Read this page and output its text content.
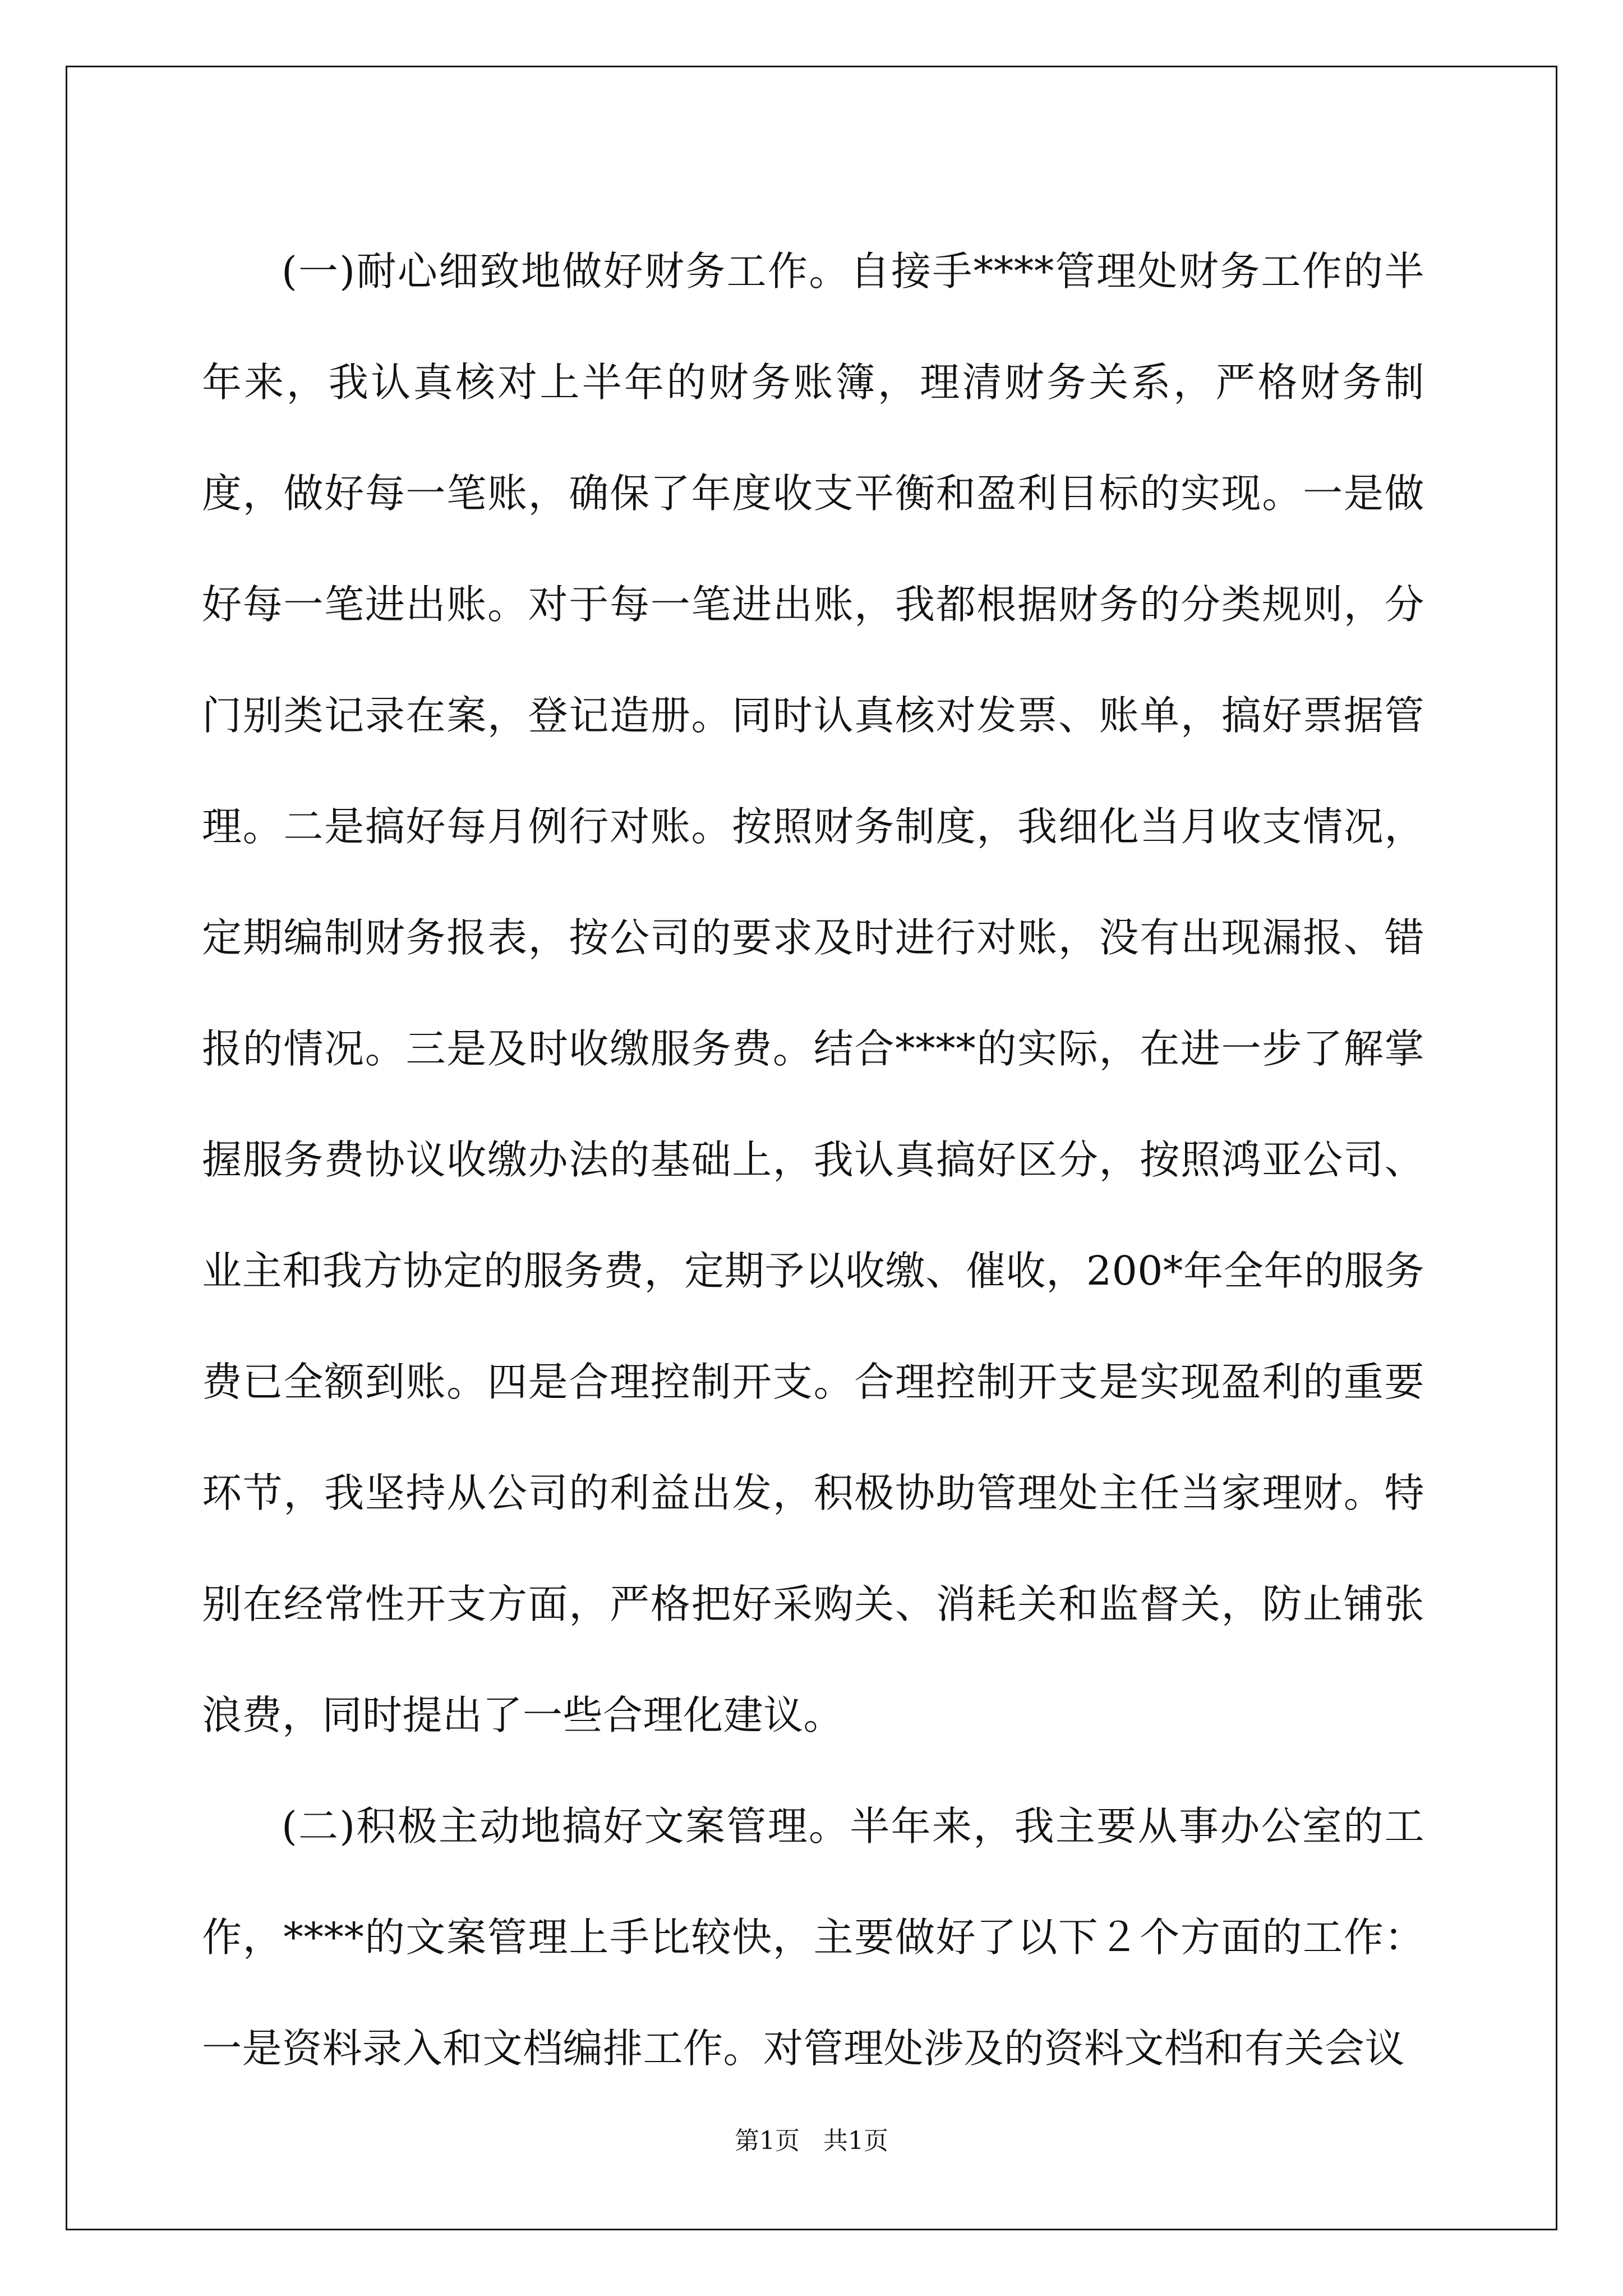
(一)耐心细致地做好财务工作。自接手****管理处财务工作的半年来，我认真核对上半年的财务账簿，理清财务关系，严格财务制度，做好每一笔账，确保了年度收支平衡和盈利目标的实现。一是做好每一笔进出账。对于每一笔进出账，我都根据财务的分类规则，分门别类记录在案，登记造册。同时认真核对发票、账单，搞好票据管理。二是搞好每月例行对账。按照财务制度，我细化当月收支情况，定期编制财务报表，按公司的要求及时进行对账，没有出现漏报、错报的情况。三是及时收缴服务费。结合****的实际，在进一步了解掌握服务费协议收缴办法的基础上，我认真搞好区分，按照鸿亚公司、业主和我方协定的服务费，定期予以收缴、催收，200*年全年的服务费已全额到账。四是合理控制开支。合理控制开支是实现盈利的重要环节，我坚持从公司的利益出发，积极协助管理处主任当家理财。特别在经常性开支方面，严格把好采购关、消耗关和监督关，防止铺张浪费，同时提出了一些合理化建议。

(二)积极主动地搞好文案管理。半年来，我主要从事办公室的工作，****的文案管理上手比较快，主要做好了以下２个方面的工作：一是资料录入和文档编排工作。对管理处涉及的资料文档和有关会议

第1页 共1页
